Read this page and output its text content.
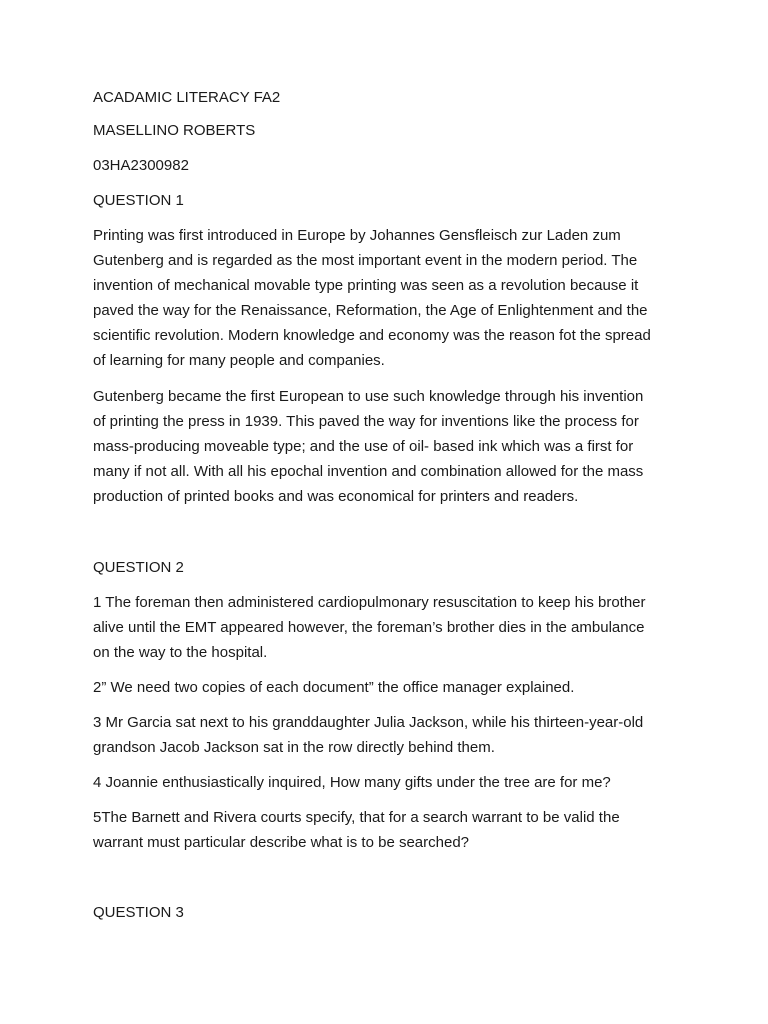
ACADAMIC LITERACY FA2

MASELLINO ROBERTS

03HA2300982

QUESTION 1

Printing was first introduced in Europe by Johannes Gensfleisch zur Laden zum
Gutenberg and is regarded as the most important event in the modern period. The
invention of mechanical movable type printing was seen as a revolution because it
paved the way for the Renaissance, Reformation, the Age of Enlightenment and the
scientific revolution. Modern knowledge and economy was the reason fot the spread
of learning for many people and companies.

Gutenberg became the first European to use such knowledge through his invention
of printing the press in 1939. This paved the way for inventions like the process for
mass-producing moveable type; and the use of oil- based ink which was a first for
many if not all. With all his epochal invention and combination allowed for the mass
production of printed books and was economical for printers and readers.

QUESTION 2

1 The foreman then administered cardiopulmonary resuscitation to keep his brother
alive until the EMT appeared however, the foreman’s brother dies in the ambulance
on the way to the hospital.

2” We need two copies of each document” the office manager explained.

3 Mr Garcia sat next to his granddaughter Julia Jackson, while his thirteen-year-old
grandson Jacob Jackson sat in the row directly behind them.

4 Joannie enthusiastically inquired, How many gifts under the tree are for me?

5The Barnett and Rivera courts specify, that for a search warrant to be valid the
warrant must particular describe what is to be searched?

QUESTION 3
